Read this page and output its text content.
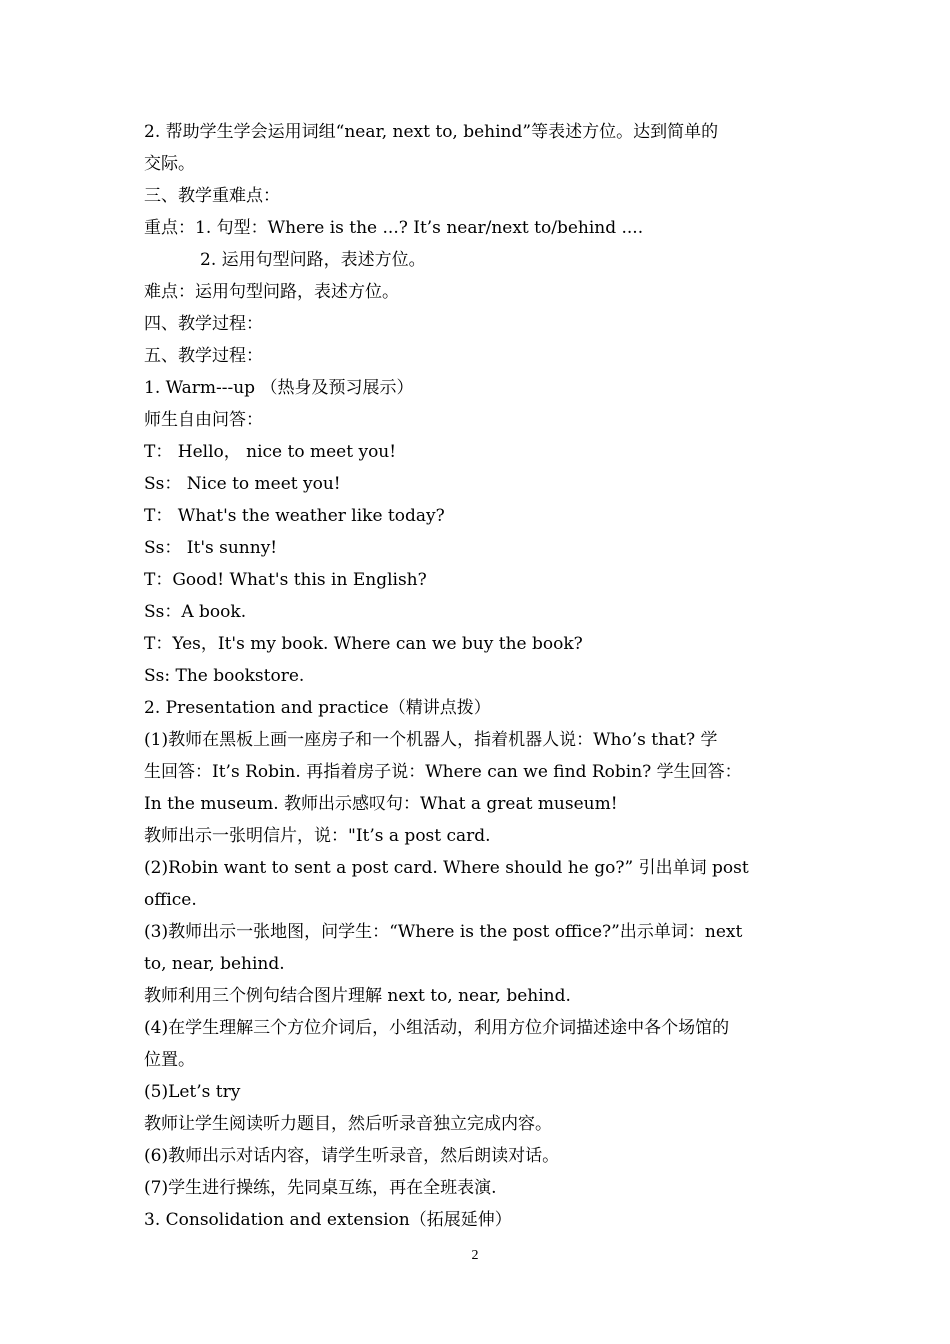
2. 帮助学生学会运用词组“near, next to, behind”等表述方位。达到简单的
交际。
三、教学重难点：
重点：1. 句型：Where is the ...? It’s near/next to/behind ....
2. 运用句型问路，表述方位。
难点：运用句型问路，表述方位。
四、教学过程：
五、教学过程：
1. Warm---up （热身及预习展示）
师生自由问答：
T： Hello， nice to meet you!
Ss： Nice to meet you!
T： What's the weather like today?
Ss： It's sunny!
T：Good! What's this in English?
Ss：A book.
T：Yes，It's my book. Where can we buy the book?
Ss: The bookstore.
2. Presentation and practice（精讲点拨）
(1)教师在黑板上画一座房子和一个机器人，指着机器人说：Who’s that? 学
生回答：It’s Robin. 再指着房子说：Where can we find Robin? 学生回答：
In the museum. 教师出示感叹句：What a great museum!
教师出示一张明信片，说："It’s a post card.
(2)Robin want to sent a post card. Where should he go?” 引出单词 post
office.
(3)教师出示一张地图，问学生：“Where is the post office?”出示单词：next
to, near, behind.
教师利用三个例句结合图片理解 next to, near, behind.
(4)在学生理解三个方位介词后，小组活动，利用方位介词描述途中各个场馆的
位置。
(5)Let’s try
教师让学生阅读听力题目，然后听录音独立完成内容。
(6)教师出示对话内容，请学生听录音，然后朗读对话。
(7)学生进行操练，先同桌互练，再在全班表演.
3. Consolidation and extension（拓展延伸）
2
